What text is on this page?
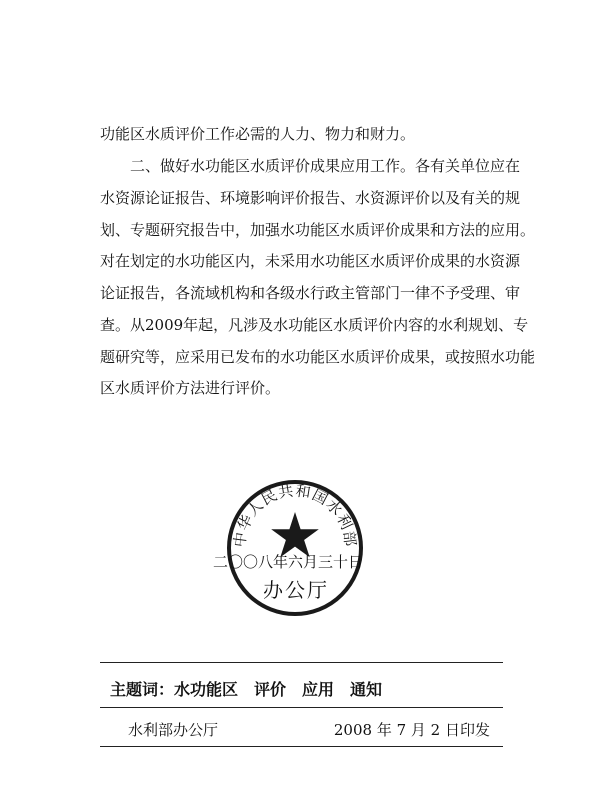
功能区水质评价工作必需的人力、物力和财力。
二、做好水功能区水质评价成果应用工作。各有关单位应在
水资源论证报告、环境影响评价报告、水资源评价以及有关的规
划、专题研究报告中，加强水功能区水质评价成果和方法的应用。
对在划定的水功能区内，未采用水功能区水质评价成果的水资源
论证报告，各流域机构和各级水行政主管部门一律不予受理、审
查。从2009年起，凡涉及水功能区水质评价内容的水利规划、专
题研究等，应采用已发布的水功能区水质评价成果，或按照水功能
区水质评价方法进行评价。
中华人民共和国水利部
二〇〇八年六月三十日
办公厅
主题词：水功能区　评价　应用　通知
水利部办公厅	2008 年 7 月 2 日印发
